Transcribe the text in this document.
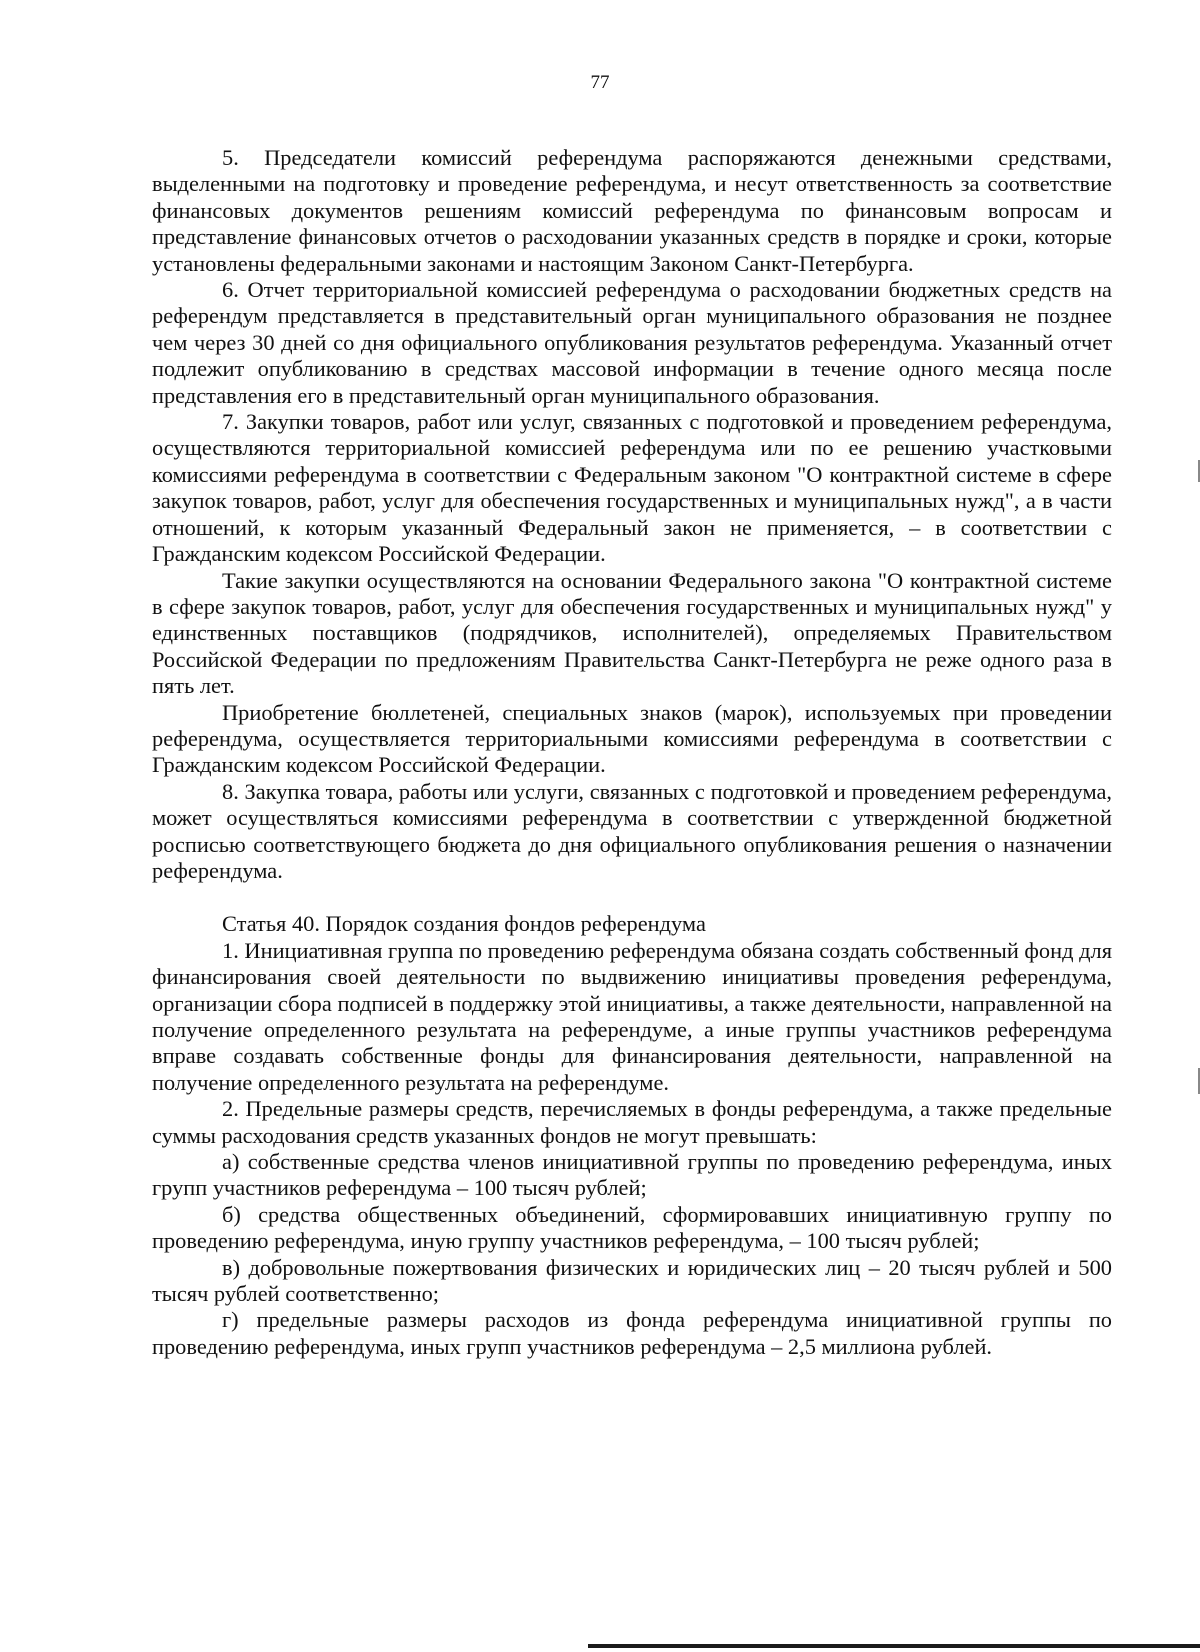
77

5. Председатели комиссий референдума распоряжаются денежными средствами, выделенными на подготовку и проведение референдума, и несут ответственность за соответствие финансовых документов решениям комиссий референдума по финансовым вопросам и представление финансовых отчетов о расходовании указанных средств в порядке и сроки, которые установлены федеральными законами и настоящим Законом Санкт-Петербурга.

6. Отчет территориальной комиссией референдума о расходовании бюджетных средств на референдум представляется в представительный орган муниципального образования не позднее чем через 30 дней со дня официального опубликования результатов референдума. Указанный отчет подлежит опубликованию в средствах массовой информации в течение одного месяца после представления его в представительный орган муниципального образования.

7. Закупки товаров, работ или услуг, связанных с подготовкой и проведением референдума, осуществляются территориальной комиссией референдума или по ее решению участковыми комиссиями референдума в соответствии с Федеральным законом "О контрактной системе в сфере закупок товаров, работ, услуг для обеспечения государственных и муниципальных нужд", а в части отношений, к которым указанный Федеральный закон не применяется, – в соответствии с Гражданским кодексом Российской Федерации.

Такие закупки осуществляются на основании Федерального закона "О контрактной системе в сфере закупок товаров, работ, услуг для обеспечения государственных и муниципальных нужд" у единственных поставщиков (подрядчиков, исполнителей), определяемых Правительством Российской Федерации по предложениям Правительства Санкт-Петербурга не реже одного раза в пять лет.

Приобретение бюллетеней, специальных знаков (марок), используемых при проведении референдума, осуществляется территориальными комиссиями референдума в соответствии с Гражданским кодексом Российской Федерации.

8. Закупка товара, работы или услуги, связанных с подготовкой и проведением референдума, может осуществляться комиссиями референдума в соответствии с утвержденной бюджетной росписью соответствующего бюджета до дня официального опубликования решения о назначении референдума.

Статья 40. Порядок создания фондов референдума

1. Инициативная группа по проведению референдума обязана создать собственный фонд для финансирования своей деятельности по выдвижению инициативы проведения референдума, организации сбора подписей в поддержку этой инициативы, а также деятельности, направленной на получение определенного результата на референдуме, а иные группы участников референдума вправе создавать собственные фонды для финансирования деятельности, направленной на получение определенного результата на референдуме.

2. Предельные размеры средств, перечисляемых в фонды референдума, а также предельные суммы расходования средств указанных фондов не могут превышать:

а) собственные средства членов инициативной группы по проведению референдума, иных групп участников референдума – 100 тысяч рублей;

б) средства общественных объединений, сформировавших инициативную группу по проведению референдума, иную группу участников референдума, – 100 тысяч рублей;

в) добровольные пожертвования физических и юридических лиц – 20 тысяч рублей и 500 тысяч рублей соответственно;

г) предельные размеры расходов из фонда референдума инициативной группы по проведению референдума, иных групп участников референдума – 2,5 миллиона рублей.
